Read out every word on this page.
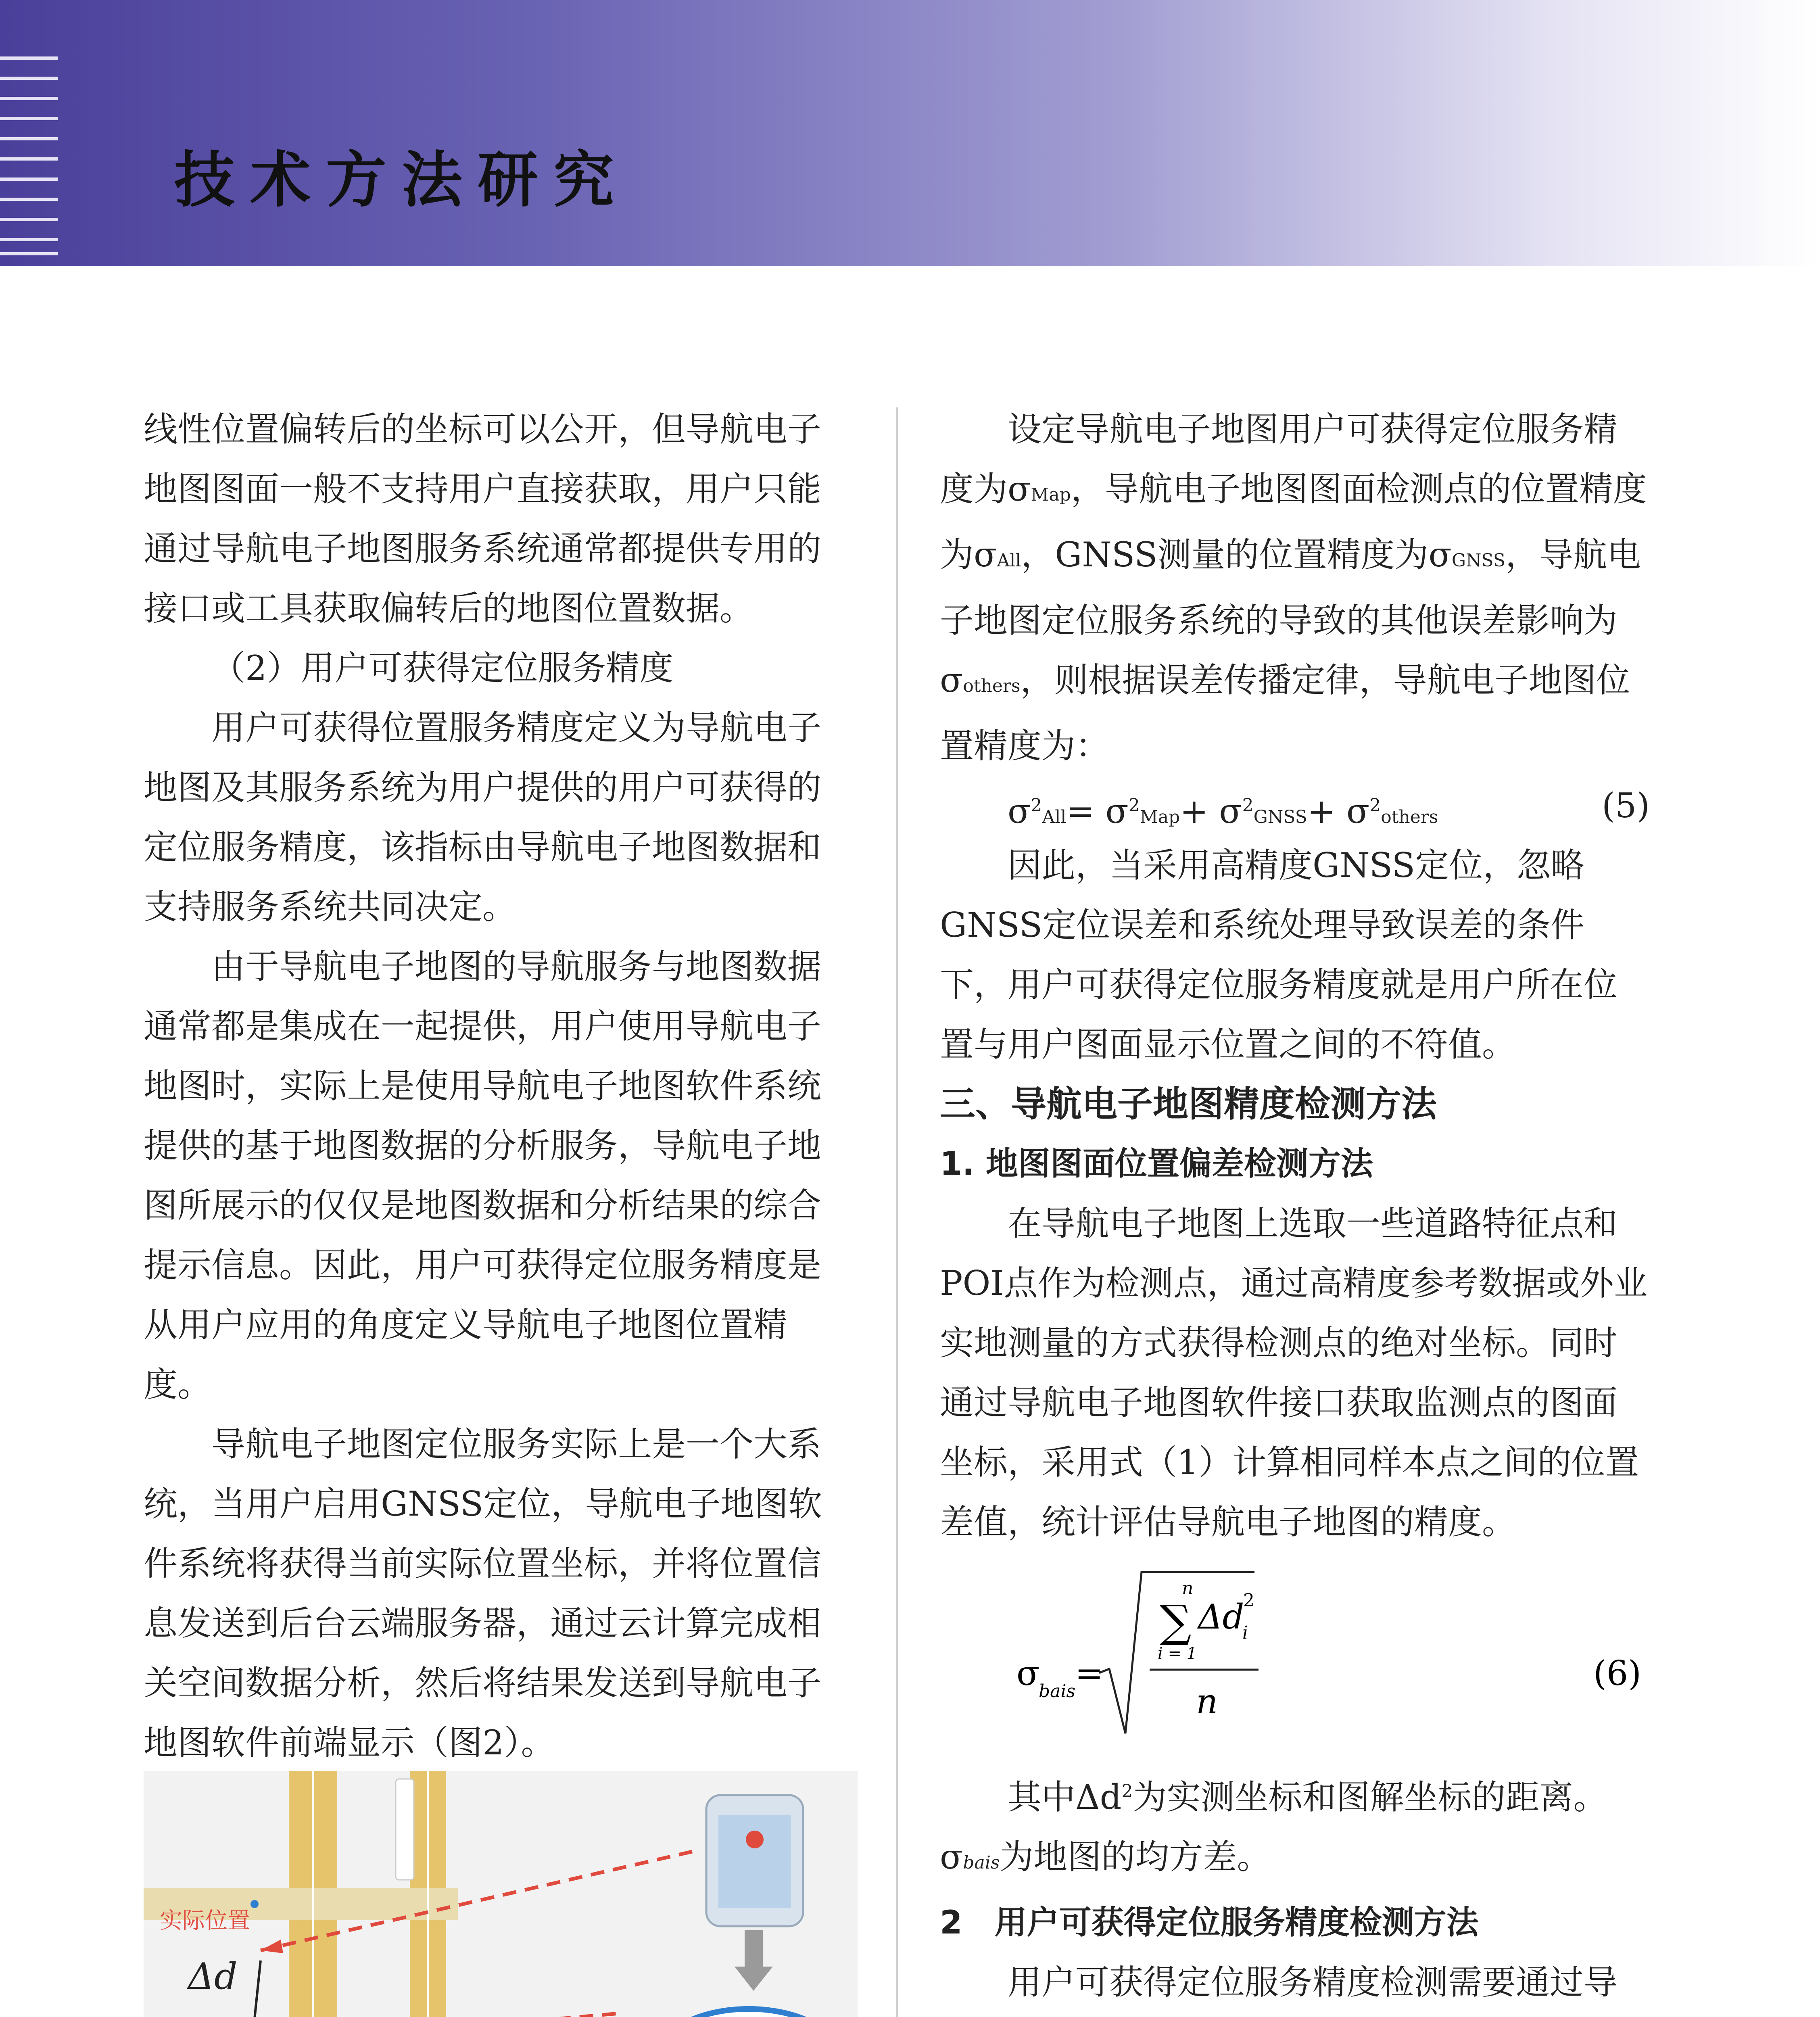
技术方法研究

线性位置偏转后的坐标可以公开，但导航电子地图图面一般不支持用户直接获取，用户只能通过导航电子地图服务系统通常都提供专用的接口或工具获取偏转后的地图位置数据。

（2）用户可获得定位服务精度

用户可获得位置服务精度定义为导航电子地图及其服务系统为用户提供的用户可获得的定位服务精度，该指标由导航电子地图数据和支持服务系统共同决定。

由于导航电子地图的导航服务与地图数据通常都是集成在一起提供，用户使用导航电子地图时，实际上是使用导航电子地图软件系统提供的基于地图数据的分析服务，导航电子地图所展示的仅仅是地图数据和分析结果的综合提示信息。因此，用户可获得定位服务精度是从用户应用的角度定义导航电子地图位置精度。

导航电子地图定位服务实际上是一个大系统，当用户启用GNSS定位，导航电子地图软件系统将获得当前实际位置坐标，并将位置信息发送到后台云端服务器，通过云计算完成相关空间数据分析，然后将结果发送到导航电子地图软件前端显示（图2）。

实际位置
Δd

设定导航电子地图用户可获得定位服务精度为σMap，导航电子地图图面检测点的位置精度为σAll，GNSS测量的位置精度为σGNSS，导航电子地图定位服务系统的导致的其他误差影响为σothers，则根据误差传播定律，导航电子地图位置精度为：

$\sigma^2All= \sigma^2Map+$ $\sigma^2GNSS+$ $\sigma^2others$	(5)

因此，当采用高精度GNSS定位，忽略GNSS定位误差和系统处理导致误差的条件下，用户可获得定位服务精度就是用户所在位置与用户图面显示位置之间的不符值。

三、导航电子地图精度检测方法

1. 地图图面位置偏差检测方法

在导航电子地图上选取一些道路特征点和POI点作为检测点，通过高精度参考数据或外业实地测量的方式获得检测点的绝对坐标。同时通过导航电子地图软件接口获取监测点的图面坐标，采用式（1）计算相同样本点之间的位置差值，统计评估导航电子地图的精度。

σ
bais
=
n
∑
i = 1
Δd
2
i
n
(6)

其中$\Delta d^2$为实测坐标和图解坐标的距离。

σbais为地图的均方差。

2　用户可获得定位服务精度检测方法

用户可获得定位服务精度检测需要通过导
